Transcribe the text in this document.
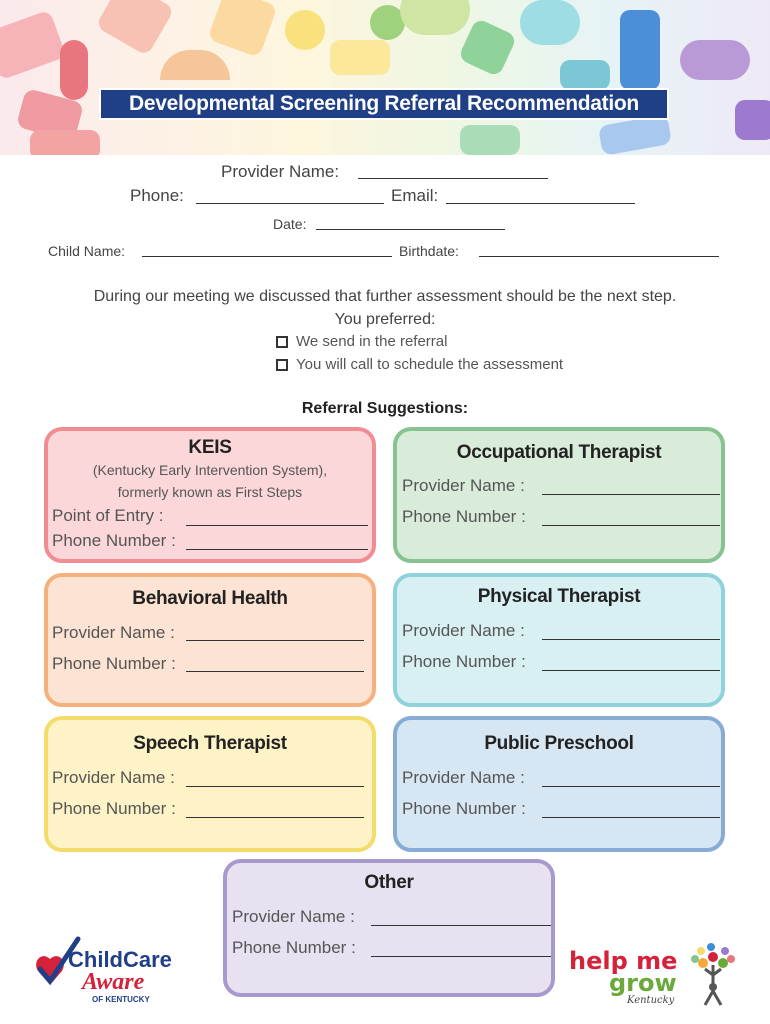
Developmental Screening Referral Recommendation
Provider Name:
Phone:	Email:
Date:
Child Name:	Birthdate:
During our meeting we discussed that further assessment should be the next step.
You preferred:
We send in the referral
You will call to schedule the assessment
Referral Suggestions:
KEIS
(Kentucky Early Intervention System),
formerly known as First Steps
Point of Entry :
Phone Number :
Occupational Therapist
Provider Name :
Phone Number :
Behavioral Health
Provider Name :
Phone Number :
Physical Therapist
Provider Name :
Phone Number :
Speech Therapist
Provider Name :
Phone Number :
Public Preschool
Provider Name :
Phone Number :
Other
Provider Name :
Phone Number :
ChildCare
Aware
OF KENTUCKY
help me
grow
Kentucky
